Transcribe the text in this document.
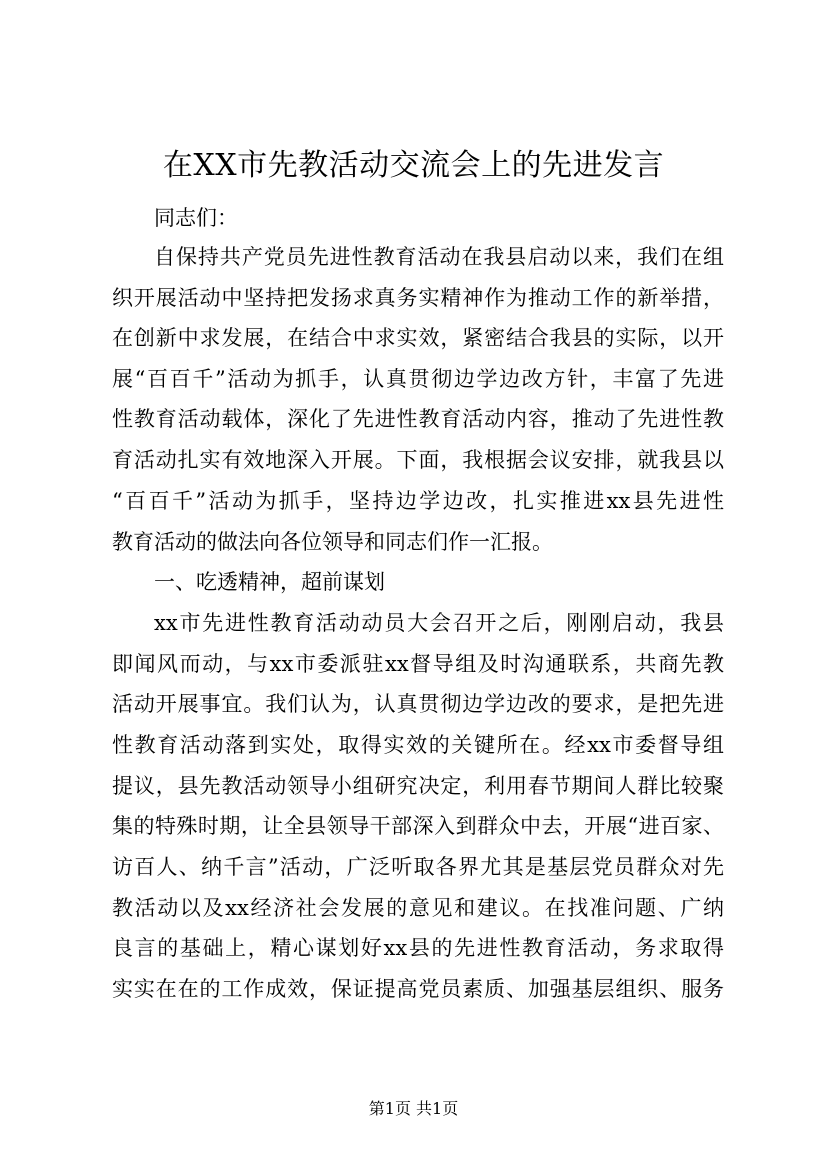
在XX市先教活动交流会上的先进发言
同志们：
自保持共产党员先进性教育活动在我县启动以来，我们在组
织开展活动中坚持把发扬求真务实精神作为推动工作的新举措，
在创新中求发展，在结合中求实效，紧密结合我县的实际，以开
展“百百千”活动为抓手，认真贯彻边学边改方针，丰富了先进
性教育活动载体，深化了先进性教育活动内容，推动了先进性教
育活动扎实有效地深入开展。下面，我根据会议安排，就我县以
“百百千”活动为抓手，坚持边学边改，扎实推进xx县先进性
教育活动的做法向各位领导和同志们作一汇报。
一、吃透精神，超前谋划
xx市先进性教育活动动员大会召开之后，刚刚启动，我县
即闻风而动，与xx市委派驻xx督导组及时沟通联系，共商先教
活动开展事宜。我们认为，认真贯彻边学边改的要求，是把先进
性教育活动落到实处，取得实效的关键所在。经xx市委督导组
提议，县先教活动领导小组研究决定，利用春节期间人群比较聚
集的特殊时期，让全县领导干部深入到群众中去，开展“进百家、
访百人、纳千言”活动，广泛听取各界尤其是基层党员群众对先
教活动以及xx经济社会发展的意见和建议。在找准问题、广纳
良言的基础上，精心谋划好xx县的先进性教育活动，务求取得
实实在在的工作成效，保证提高党员素质、加强基层组织、服务
第1页 共1页
